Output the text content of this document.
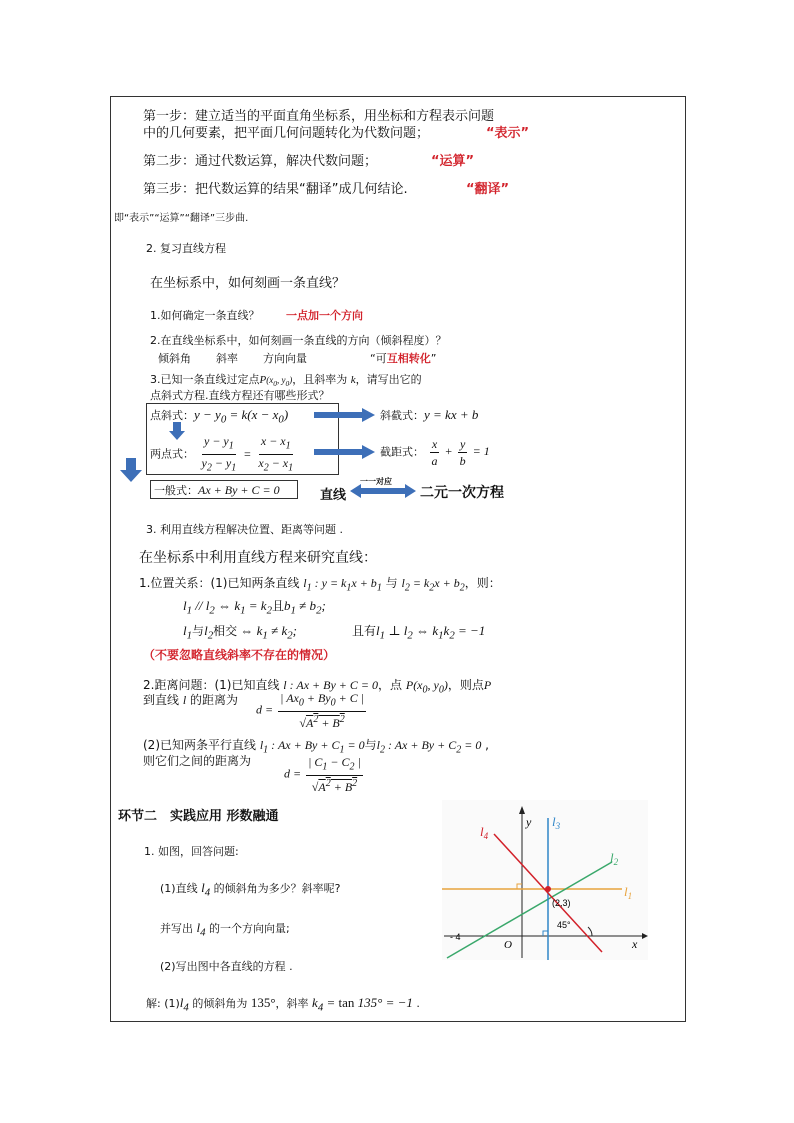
第一步：建立适当的平面直角坐标系，用坐标和方程表示问题
中的几何要素，把平面几何问题转化为代数问题；	“表示”
第二步：通过代数运算，解决代数问题；	“运算”
第三步：把代数运算的结果“翻译”成几何结论.	“翻译”
即“表示”“运算”“翻译”三步曲.
2. 复习直线方程
在坐标系中，如何刻画一条直线？
1.如何确定一条直线？ 一点加一个方向
2.在直线坐标系中，如何刻画一条直线的方向（倾斜程度）？
倾斜角 斜率 方向向量	“可互相转化”
3.已知一条直线过定点$P(x_0$, $y_0$)，且斜率为 k，请写出它的
点斜式方程.直线方程还有哪些形式？
点斜式：$y - y_0 = k(x - x_0)$	斜截式：y = kx + b
两点式： $\frac{y - y_1}{y_2 - y_1} = \frac{x - x_1}{x_2 - x_1}$	截距式： $\frac{x}{a} + \frac{y}{b} = 1$
一般式：Ax + By + C = 0	直线
一一对应
二元一次方程
3. 利用直线方程解决位置、距离等问题 .
在坐标系中利用直线方程来研究直线：
1.位置关系：(1)已知两条直线 $l_1$ : $y = k_1x + b_1$ 与 $l_2 = k_2x + b_2$，则：
$l_1 // l_2$ ⇔ $k_1 = k_2$且$b_1 \ne b_2$;
$l_1$与$l_2$相交 ⇔ $k_1 \ne k_2$;	且有$l_1$ ⊥ $l_2$ ⇔ $k_1k_2 = -1$
（不要忽略直线斜率不存在的情况）
2.距离问题：(1)已知直线 l : Ax + By + C = 0，点 $P(x_0$, $y_0$)，则点P
到直线 l 的距离为
$d = \frac{| Ax_0 + By_0 + C |}{√A^2 + B^2}$
(2)已知两条平行直线 $l_1$ : $Ax + By + C_1 = 0$与$l_2$ : $Ax + By + C_2 = 0$ ,
则它们之间的距离为
$d = \frac{| C_1 - C_2 |}{√A^2 + B^2}$
环节二　实践应用 形数融通
1. 如图，回答问题:
(1)直线 $l_4$ 的倾斜角为多少？斜率呢?
并写出 $l_4$ 的一个方向向量;
(2)写出图中各直线的方程 .
解: $(1)l_4$ 的倾斜角为 135°，斜率 $k_4 = \tan 135^\circ = -1$ .
y
x
O
- 4
(2,3)
45°
$l_1$
$l_2$
$l_3$
$l_4$
